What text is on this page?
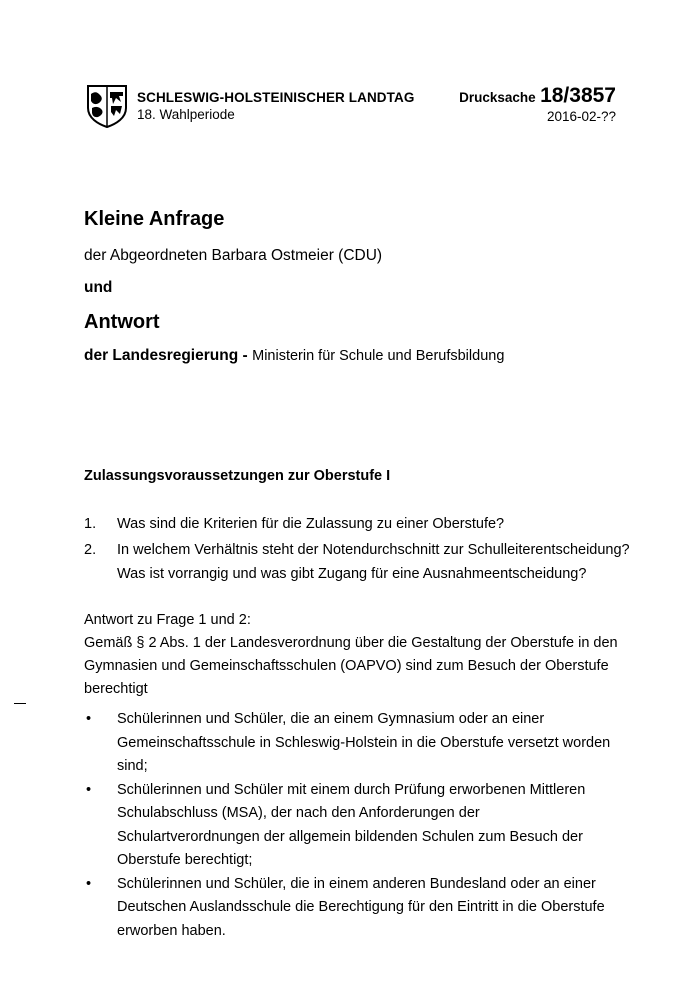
SCHLESWIG-HOLSTEINISCHER LANDTAG
18. Wahlperiode
Drucksache 18/3857
2016-02-??
Kleine Anfrage
der Abgeordneten Barbara Ostmeier (CDU)
und
Antwort
der Landesregierung - Ministerin für Schule und Berufsbildung
Zulassungsvoraussetzungen zur Oberstufe I
1. Was sind die Kriterien für die Zulassung zu einer Oberstufe?
2. In welchem Verhältnis steht der Notendurchschnitt zur Schulleiterentscheidung? Was ist vorrangig und was gibt Zugang für eine Ausnahmeentscheidung?
Antwort zu Frage 1 und 2:
Gemäß § 2 Abs. 1 der Landesverordnung über die Gestaltung der Oberstufe in den Gymnasien und Gemeinschaftsschulen (OAPVO) sind zum Besuch der Oberstufe berechtigt
• Schülerinnen und Schüler, die an einem Gymnasium oder an einer Gemeinschaftsschule in Schleswig-Holstein in die Oberstufe versetzt worden sind;
• Schülerinnen und Schüler mit einem durch Prüfung erworbenen Mittleren Schulabschluss (MSA), der nach den Anforderungen der Schulartverordnungen der allgemein bildenden Schulen zum Besuch der Oberstufe berechtigt;
• Schülerinnen und Schüler, die in einem anderen Bundesland oder an einer Deutschen Auslandsschule die Berechtigung für den Eintritt in die Oberstufe erworben haben.
